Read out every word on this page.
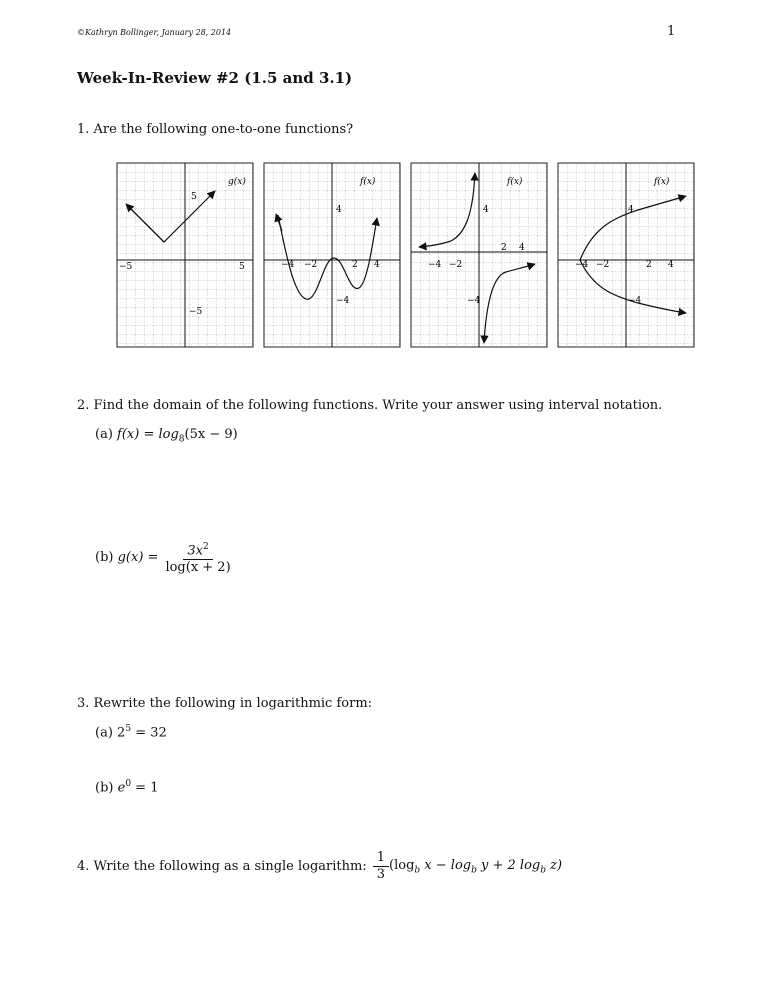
©Kathryn Bollinger, January 28, 2014	1
Week-In-Review #2 (1.5 and 3.1)
1. Are the following one-to-one functions?
g(x)
−5	5
5
−5
f(x)
−4 −2	2 4
4
−4
f(x)
−4 −2
2 4
4
−4
f(x)
−4 −2	2 4
4
−4
2. Find the domain of the following functions. Write your answer using interval notation.
(a) $f(x) = \log_8(5x - 9)$
(b)
$g(x) = \frac{3x^2}{\log(x + 2)}$
3. Rewrite the following in logarithmic form:
(a) $2^5 = 32$
(b) $e^0 = 1$
4. Write the following as a single logarithm: $\frac{1}{3} (\log_b$ $x - \log_b y + 2$ $\log_b z$)
